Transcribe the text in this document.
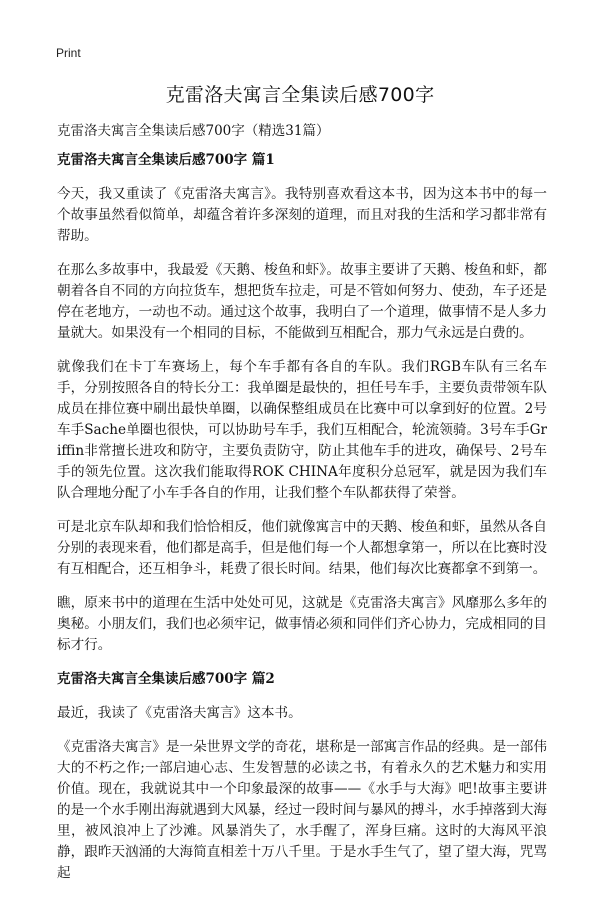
Print
克雷洛夫寓言全集读后感700字

克雷洛夫寓言全集读后感700字（精选31篇）

克雷洛夫寓言全集读后感700字 篇1

今天，我又重读了《克雷洛夫寓言》。我特别喜欢看这本书，因为这本书中的每一个故事虽然看似简单，却蕴含着许多深刻的道理，而且对我的生活和学习都非常有帮助。

在那么多故事中，我最爱《天鹅、梭鱼和虾》。故事主要讲了天鹅、梭鱼和虾，都朝着各自不同的方向拉货车，想把货车拉走，可是不管如何努力、使劲，车子还是停在老地方，一动也不动。通过这个故事，我明白了一个道理，做事情不是人多力量就大。如果没有一个相同的目标，不能做到互相配合，那力气永远是白费的。

就像我们在卡丁车赛场上，每个车手都有各自的车队。我们RGB车队有三名车手，分别按照各自的特长分工：我单圈是最快的，担任号车手，主要负责带领车队成员在排位赛中刷出最快单圈，以确保整组成员在比赛中可以拿到好的位置。2号车手Sache单圈也很快，可以协助号车手，我们互相配合，轮流领骑。3号车手Griffin非常擅长进攻和防守，主要负责防守，防止其他车手的进攻，确保号、2号车手的领先位置。这次我们能取得ROK CHINA年度积分总冠军，就是因为我们车队合理地分配了小车手各自的作用，让我们整个车队都获得了荣誉。

可是北京车队却和我们恰恰相反，他们就像寓言中的天鹅、梭鱼和虾，虽然从各自分别的表现来看，他们都是高手，但是他们每一个人都想拿第一，所以在比赛时没有互相配合，还互相争斗，耗费了很长时间。结果，他们每次比赛都拿不到第一。

瞧，原来书中的道理在生活中处处可见，这就是《克雷洛夫寓言》风靡那么多年的奥秘。小朋友们，我们也必须牢记，做事情必须和同伴们齐心协力，完成相同的目标才行。

克雷洛夫寓言全集读后感700字 篇2

最近，我读了《克雷洛夫寓言》这本书。

《克雷洛夫寓言》是一朵世界文学的奇花，堪称是一部寓言作品的经典。是一部伟大的不朽之作;一部启迪心志、生发智慧的必读之书，有着永久的艺术魅力和实用价值。现在，我就说其中一个印象最深的故事——《水手与大海》吧!故事主要讲的是一个水手刚出海就遇到大风暴，经过一段时间与暴风的搏斗，水手掉落到大海里，被风浪冲上了沙滩。风暴消失了，水手醒了，浑身巨痛。这时的大海风平浪静，跟昨天汹涌的大海简直相差十万八千里。于是水手生气了，望了望大海，咒骂起
